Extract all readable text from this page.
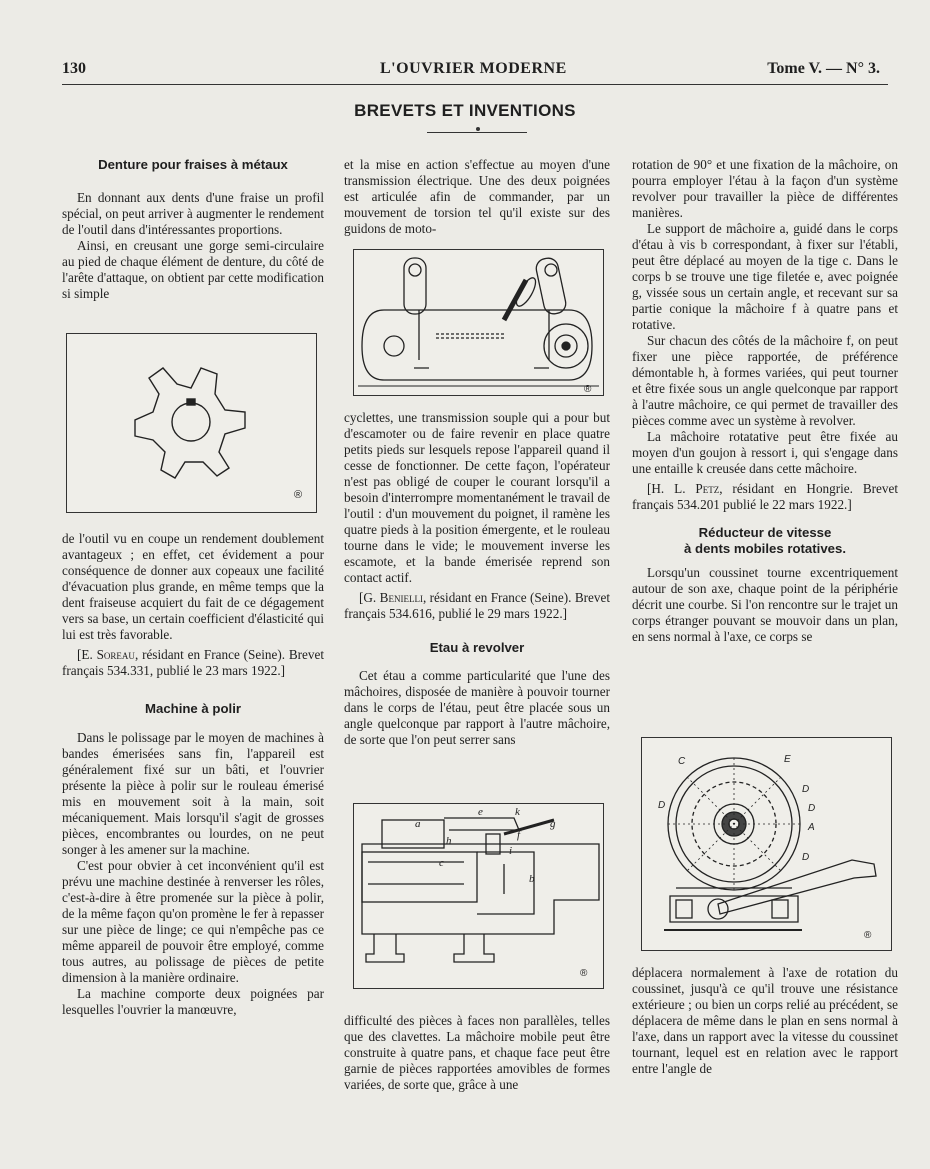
130	L'OUVRIER MODERNE	Tome V. — N° 3.
BREVETS ET INVENTIONS
Denture pour fraises à métaux

En donnant aux dents d'une fraise un profil spécial, on peut arriver à augmenter le rendement de l'outil dans d'intéressantes proportions.

Ainsi, en creusant une gorge semi-circulaire au pied de chaque élément de denture, du côté de l'arête d'attaque, on obtient par cette modification si simple

®

de l'outil vu en coupe un rendement doublement avantageux ; en effet, cet évidement a pour conséquence de donner aux copeaux une facilité d'évacuation plus grande, en même temps que la dent fraiseuse acquiert du fait de ce dégagement vers sa base, un certain coefficient d'élasticité qui lui est très favorable.

[E. Soreau, résidant en France (Seine). Brevet français 534.331, publié le 23 mars 1922.]

Machine à polir

Dans le polissage par le moyen de machines à bandes émerisées sans fin, l'appareil est généralement fixé sur un bâti, et l'ouvrier présente la pièce à polir sur le rouleau émerisé mis en mouvement soit à la main, soit mécaniquement. Mais lorsqu'il s'agit de grosses pièces, encombrantes ou lourdes, on ne peut songer à les amener sur la machine.

C'est pour obvier à cet inconvénient qu'il est prévu une machine destinée à renverser les rôles, c'est-à-dire à être promenée sur la pièce à polir, de la même façon qu'on promène le fer à repasser sur une pièce de linge; ce qui n'empêche pas ce même appareil de pouvoir être employé, comme tous autres, au polissage de pièces de petite dimension à la manière ordinaire.

La machine comporte deux poignées par lesquelles l'ouvrier la manœuvre,

et la mise en action s'effectue au moyen d'une transmission électrique. Une des deux poignées est articulée afin de commander, par un mouvement de torsion tel qu'il existe sur des guidons de moto-

®

cyclettes, une transmission souple qui a pour but d'escamoter ou de faire revenir en place quatre petits pieds sur lesquels repose l'appareil quand il cesse de fonctionner. De cette façon, l'opérateur n'est pas obligé de couper le courant lorsqu'il a besoin d'interrompre momentanément le travail de l'outil : d'un mouvement du poignet, il ramène les quatre pieds à la position émergente, et le rouleau tourne dans le vide; le mouvement inverse les escamote, et la bande émerisée reprend son contact actif.

[G. Benielli, résidant en France (Seine). Brevet français 534.616, publié le 29 mars 1922.]

Etau à revolver

Cet étau a comme particularité que l'une des mâchoires, disposée de manière à pouvoir tourner dans le corps de l'étau, peut être placée sous un angle quelconque par rapport à l'autre mâchoire, de sorte que l'on peut serrer sans

a
h
e	k
g
f
i
c
b
®

difficulté des pièces à faces non parallèles, telles que des clavettes. La mâchoire mobile peut être construite à quatre pans, et chaque face peut être garnie de pièces rapportées amovibles de formes variées, de sorte que, grâce à une

rotation de 90° et une fixation de la mâchoire, on pourra employer l'étau à la façon d'un système revolver pour travailler la pièce de différentes manières.

Le support de mâchoire a, guidé dans le corps d'étau à vis b correspondant, à fixer sur l'établi, peut être déplacé au moyen de la tige c. Dans le corps b se trouve une tige filetée e, avec poignée g, vissée sous un certain angle, et recevant sur sa partie conique la mâchoire f à quatre pans et rotative.

Sur chacun des côtés de la mâchoire f, on peut fixer une pièce rapportée, de préférence démontable h, à formes variées, qui peut tourner et être fixée sous un angle quelconque par rapport à l'autre mâchoire, ce qui permet de travailler des pièces comme avec un système à revolver.

La mâchoire rotatative peut être fixée au moyen d'un goujon à ressort i, qui s'engage dans une entaille k creusée dans cette mâchoire.

[H. L. Petz, résidant en Hongrie. Brevet français 534.201 publié le 22 mars 1922.]

Réducteur de vitesse
à dents mobiles rotatives.

Lorsqu'un coussinet tourne excentriquement autour de son axe, chaque point de la périphérie décrit une courbe. Si l'on rencontre sur le trajet un corps étranger pouvant se mouvoir dans un plan, en sens normal à l'axe, ce corps se

C	E
D
D
D
A
D
®

déplacera normalement à l'axe de rotation du coussinet, jusqu'à ce qu'il trouve une résistance extérieure ; ou bien un corps relié au précédent, se déplacera de même dans le plan en sens normal à l'axe, dans un rapport avec la vitesse du coussinet tournant, lequel est en relation avec le rapport entre l'angle de
